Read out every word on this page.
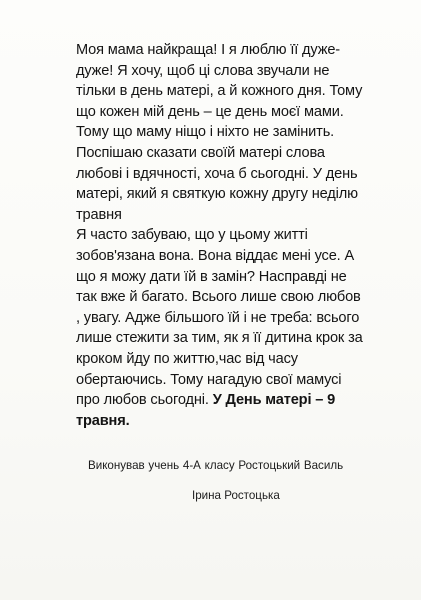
Моя мама найкраща! І я люблю її дуже-
дуже! Я хочу, щоб ці слова звучали не
тільки в день матері, а й кожного дня. Тому
що кожен мій день – це день моєї мами.
Тому що маму ніщо і ніхто не замінить.
Поспішаю сказати своїй матері слова
любові і вдячності, хоча б сьогодні. У день
матері, який я святкую кожну другу неділю
травня
Я часто забуваю, що у цьому житті
зобов'язана вона. Вона віддає мені усе. А
що я можу дати їй в замін? Насправді не
так вже й багато. Всього лише свою любов
, увагу. Адже більшого їй і не треба: всього
лише стежити за тим, як я її дитина крок за
кроком йду по життю,час від часу
обертаючись. Тому нагадую свої мамусі
про любов сьогодні. У День матері – 9
травня.
Виконував учень 4-А класу Ростоцький Василь
Ірина Ростоцька
